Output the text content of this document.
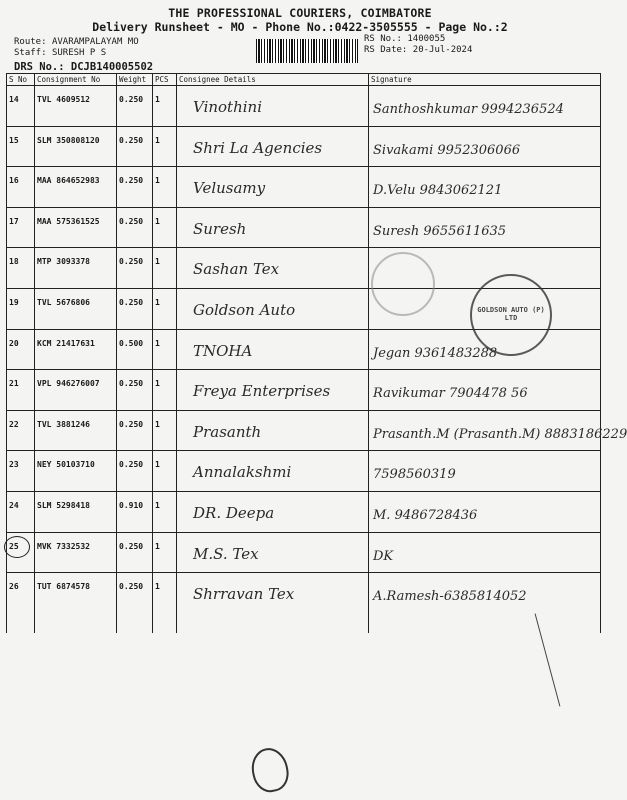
THE PROFESSIONAL COURIERS, COIMBATORE
Delivery Runsheet - MO - Phone No.:0422-3505555 - Page No.:2
Route: AVARAMPALAYAM MO
Staff: SURESH P S
DRS No.: DCJB140005502
RS No.: 1400055
RS Date: 20-Jul-2024
S No	Consignment No	Weight	PCS	Consignee Details	Signature
14	TVL 4609512	0.250	1	Vinothini	Santhoshkumar 9994236524

15	SLM 350808120	0.250	1	Shri La Agencies	Sivakami 9952306066

16	MAA 864652983	0.250	1	Velusamy	D.Velu 9843062121

17	MAA 575361525	0.250	1	Suresh	Suresh 9655611635

18	MTP 3093378	0.250	1	Sashan Tex	

19	TVL 5676806	0.250	1	Goldson Auto	

20	KCM 21417631	0.500	1	TNOHA	Jegan 9361483288

21	VPL 946276007	0.250	1	Freya Enterprises	Ravikumar 7904478 56

22	TVL 3881246	0.250	1	Prasanth	Prasanth.M (Prasanth.M) 8883186229

23	NEY 50103710	0.250	1	Annalakshmi	7598560319

24	SLM 5298418	0.910	1	DR. Deepa	M. 9486728436

25	MVK 7332532	0.250	1	M.S. Tex	DK

26	TUT 6874578	0.250	1	Shrravan Tex	A.Ramesh-6385814052
GOLDSON AUTO (P) LTD
